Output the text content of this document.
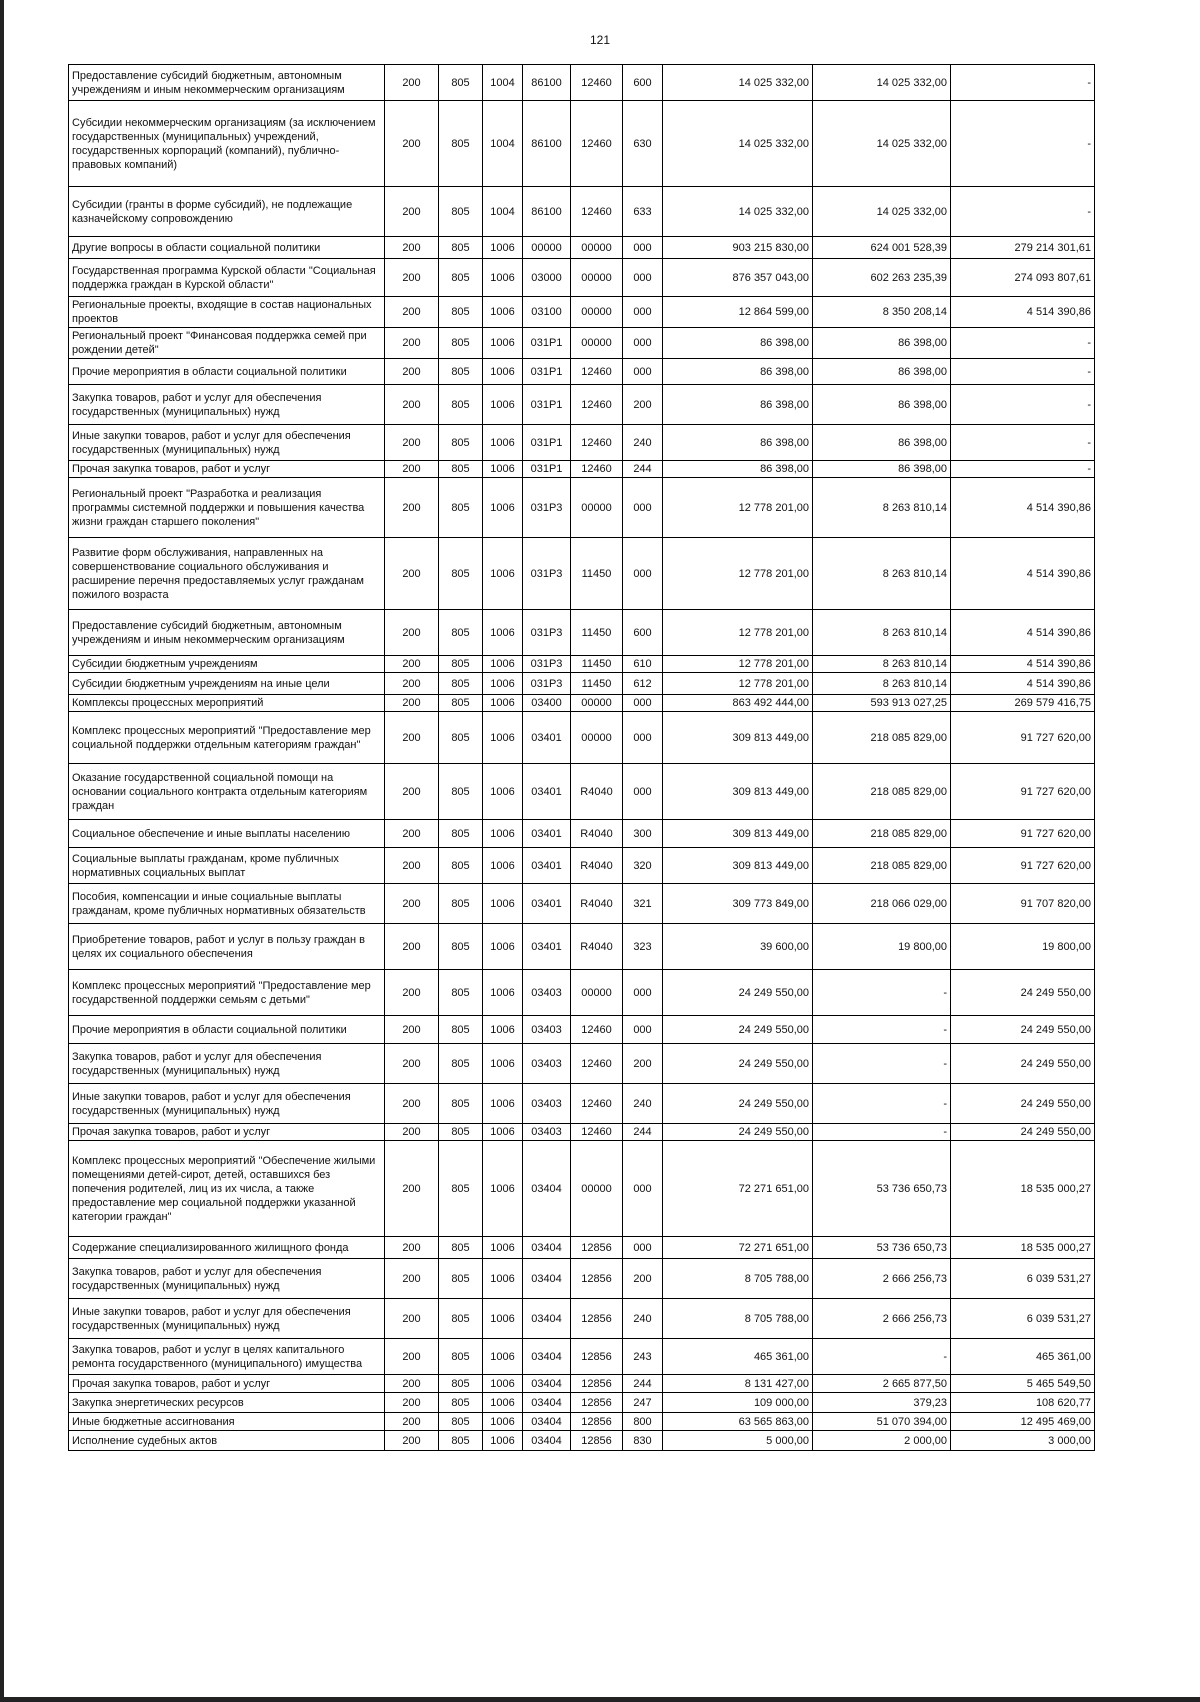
121
Предоставление субсидий бюджетным, автономным учреждениям и иным некоммерческим организациям	200	805	1004	86100	12460	600	14 025 332,00	14 025 332,00	-
Субсидии некоммерческим организациям (за исключением государственных (муниципальных) учреждений, государственных корпораций (компаний), публично-правовых компаний)	200	805	1004	86100	12460	630	14 025 332,00	14 025 332,00	-
Субсидии (гранты в форме субсидий), не подлежащие казначейскому сопровождению	200	805	1004	86100	12460	633	14 025 332,00	14 025 332,00	-
Другие вопросы в области социальной политики	200	805	1006	00000	00000	000	903 215 830,00	624 001 528,39	279 214 301,61
Государственная программа Курской области "Социальная поддержка граждан в Курской области"	200	805	1006	03000	00000	000	876 357 043,00	602 263 235,39	274 093 807,61
Региональные проекты, входящие в состав национальных проектов	200	805	1006	03100	00000	000	12 864 599,00	8 350 208,14	4 514 390,86
Региональный проект "Финансовая поддержка семей при рождении детей"	200	805	1006	031P1	00000	000	86 398,00	86 398,00	-
Прочие мероприятия в области социальной политики	200	805	1006	031P1	12460	000	86 398,00	86 398,00	-
Закупка товаров, работ и услуг для обеспечения государственных (муниципальных) нужд	200	805	1006	031P1	12460	200	86 398,00	86 398,00	-
Иные закупки товаров, работ и услуг для обеспечения государственных (муниципальных) нужд	200	805	1006	031P1	12460	240	86 398,00	86 398,00	-
Прочая закупка товаров, работ и услуг	200	805	1006	031P1	12460	244	86 398,00	86 398,00	-
Региональный проект "Разработка и реализация программы системной поддержки и повышения качества жизни граждан старшего поколения"	200	805	1006	031P3	00000	000	12 778 201,00	8 263 810,14	4 514 390,86
Развитие форм обслуживания, направленных на совершенствование социального обслуживания и расширение перечня предоставляемых услуг гражданам пожилого возраста	200	805	1006	031P3	11450	000	12 778 201,00	8 263 810,14	4 514 390,86
Предоставление субсидий бюджетным, автономным учреждениям и иным некоммерческим организациям	200	805	1006	031P3	11450	600	12 778 201,00	8 263 810,14	4 514 390,86
Субсидии бюджетным учреждениям	200	805	1006	031P3	11450	610	12 778 201,00	8 263 810,14	4 514 390,86
Субсидии бюджетным учреждениям на иные цели	200	805	1006	031P3	11450	612	12 778 201,00	8 263 810,14	4 514 390,86
Комплексы процессных мероприятий	200	805	1006	03400	00000	000	863 492 444,00	593 913 027,25	269 579 416,75
Комплекс процессных мероприятий "Предоставление мер социальной поддержки отдельным категориям граждан"	200	805	1006	03401	00000	000	309 813 449,00	218 085 829,00	91 727 620,00
Оказание государственной социальной помощи на основании социального контракта отдельным категориям граждан	200	805	1006	03401	R4040	000	309 813 449,00	218 085 829,00	91 727 620,00
Социальное обеспечение и иные выплаты населению	200	805	1006	03401	R4040	300	309 813 449,00	218 085 829,00	91 727 620,00
Социальные выплаты гражданам, кроме публичных нормативных социальных выплат	200	805	1006	03401	R4040	320	309 813 449,00	218 085 829,00	91 727 620,00
Пособия, компенсации и иные социальные выплаты гражданам, кроме публичных нормативных обязательств	200	805	1006	03401	R4040	321	309 773 849,00	218 066 029,00	91 707 820,00
Приобретение товаров, работ и услуг в пользу граждан в целях их социального обеспечения	200	805	1006	03401	R4040	323	39 600,00	19 800,00	19 800,00
Комплекс процессных мероприятий "Предоставление мер государственной поддержки семьям с детьми"	200	805	1006	03403	00000	000	24 249 550,00	-	24 249 550,00
Прочие мероприятия в области социальной политики	200	805	1006	03403	12460	000	24 249 550,00	-	24 249 550,00
Закупка товаров, работ и услуг для обеспечения государственных (муниципальных) нужд	200	805	1006	03403	12460	200	24 249 550,00	-	24 249 550,00
Иные закупки товаров, работ и услуг для обеспечения государственных (муниципальных) нужд	200	805	1006	03403	12460	240	24 249 550,00	-	24 249 550,00
Прочая закупка товаров, работ и услуг	200	805	1006	03403	12460	244	24 249 550,00	-	24 249 550,00
Комплекс процессных мероприятий "Обеспечение жилыми помещениями детей-сирот, детей, оставшихся без попечения родителей, лиц из их числа, а также предоставление мер социальной поддержки указанной категории граждан"	200	805	1006	03404	00000	000	72 271 651,00	53 736 650,73	18 535 000,27
Содержание специализированного жилищного фонда	200	805	1006	03404	12856	000	72 271 651,00	53 736 650,73	18 535 000,27
Закупка товаров, работ и услуг для обеспечения государственных (муниципальных) нужд	200	805	1006	03404	12856	200	8 705 788,00	2 666 256,73	6 039 531,27
Иные закупки товаров, работ и услуг для обеспечения государственных (муниципальных) нужд	200	805	1006	03404	12856	240	8 705 788,00	2 666 256,73	6 039 531,27
Закупка товаров, работ и услуг в целях капитального ремонта государственного (муниципального) имущества	200	805	1006	03404	12856	243	465 361,00	-	465 361,00
Прочая закупка товаров, работ и услуг	200	805	1006	03404	12856	244	8 131 427,00	2 665 877,50	5 465 549,50
Закупка энергетических ресурсов	200	805	1006	03404	12856	247	109 000,00	379,23	108 620,77
Иные бюджетные ассигнования	200	805	1006	03404	12856	800	63 565 863,00	51 070 394,00	12 495 469,00
Исполнение судебных актов	200	805	1006	03404	12856	830	5 000,00	2 000,00	3 000,00
